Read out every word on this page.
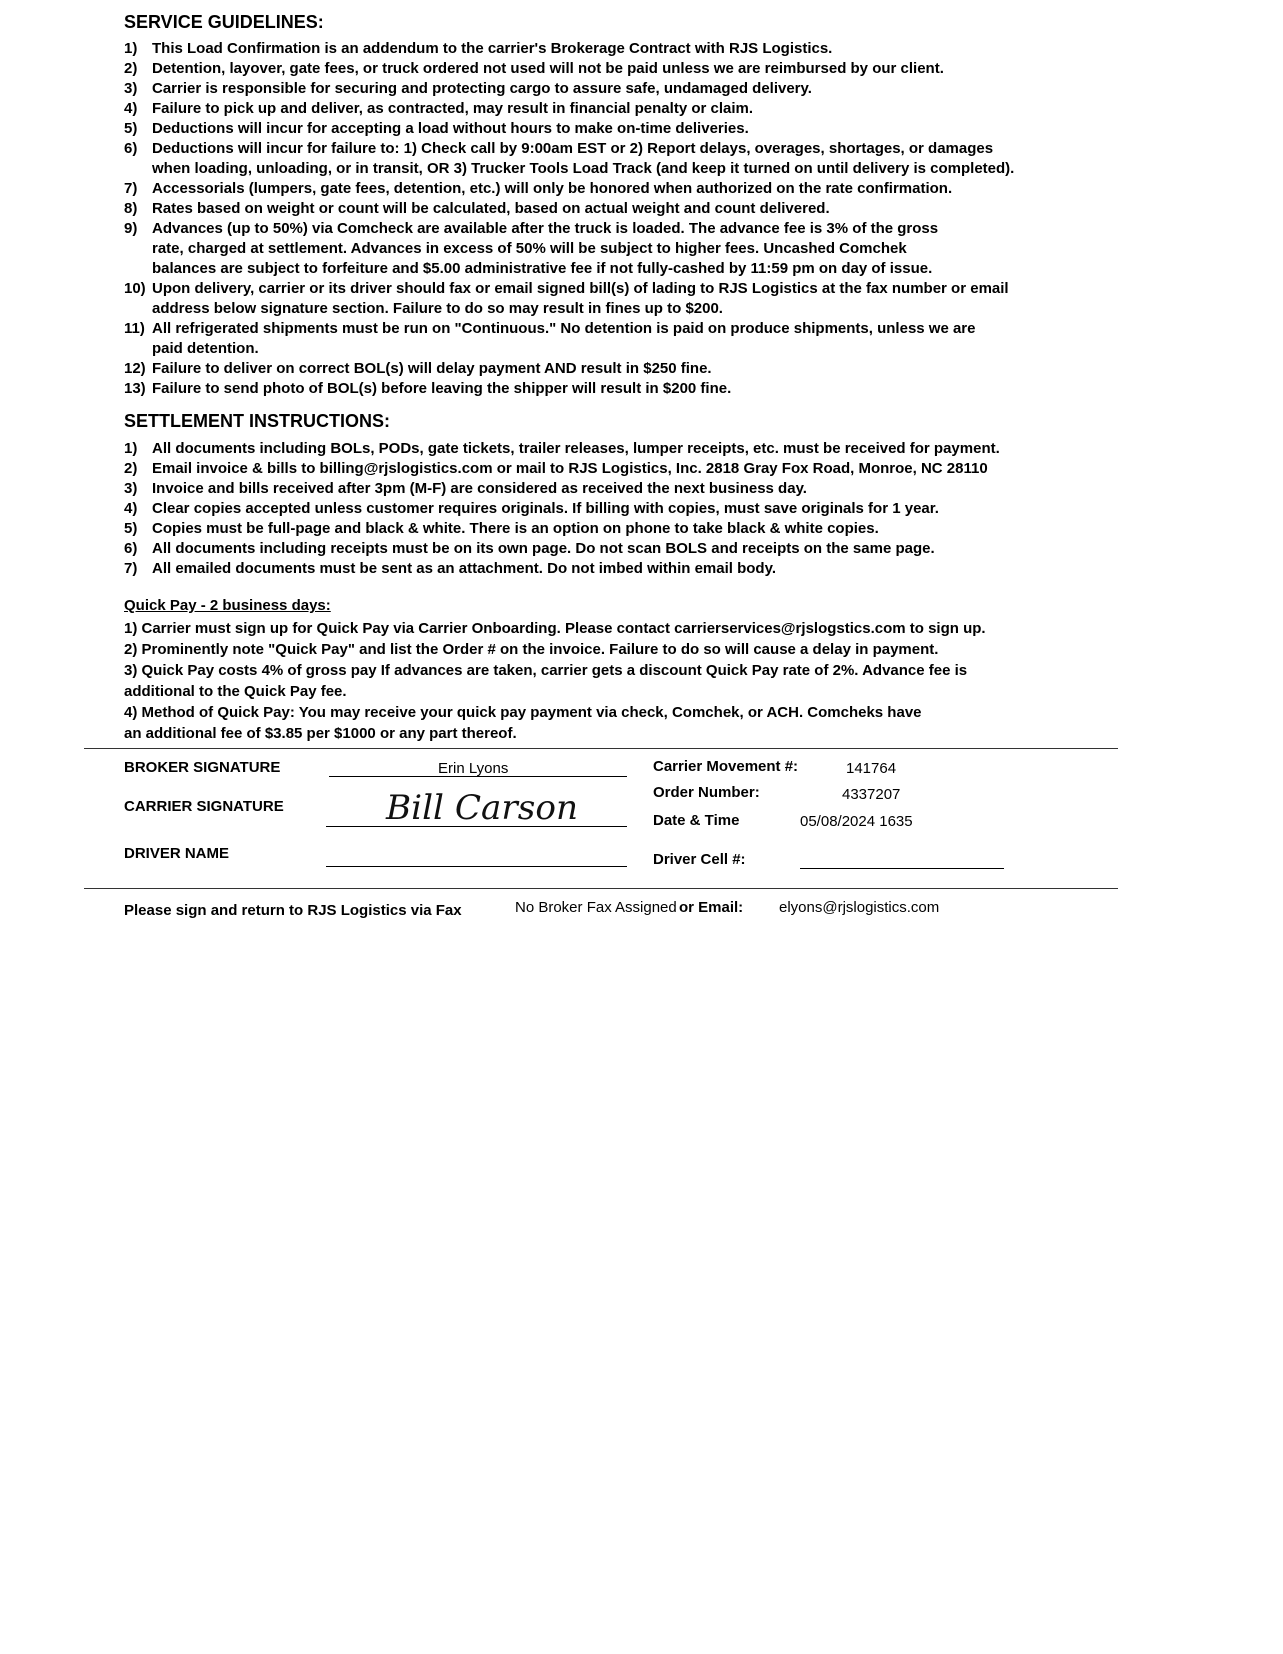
SERVICE GUIDELINES:
1) This Load Confirmation is an addendum to the carrier's Brokerage Contract with RJS Logistics.
2) Detention, layover, gate fees, or truck ordered not used will not be paid unless we are reimbursed by our client.
3) Carrier is responsible for securing and protecting cargo to assure safe, undamaged delivery.
4) Failure to pick up and deliver, as contracted, may result in financial penalty or claim.
5) Deductions will incur for accepting a load without hours to make on-time deliveries.
6) Deductions will incur for failure to: 1) Check call by 9:00am EST or 2) Report delays, overages, shortages, or damages
when loading, unloading, or in transit, OR 3) Trucker Tools Load Track (and keep it turned on until delivery is completed).
7) Accessorials (lumpers, gate fees, detention, etc.) will only be honored when authorized on the rate confirmation.
8) Rates based on weight or count will be calculated, based on actual weight and count delivered.
9) Advances (up to 50%) via Comcheck are available after the truck is loaded. The advance fee is 3% of the gross
rate, charged at settlement. Advances in excess of 50% will be subject to higher fees. Uncashed Comchek
balances are subject to forfeiture and $5.00 administrative fee if not fully-cashed by 11:59 pm on day of issue.
10) Upon delivery, carrier or its driver should fax or email signed bill(s) of lading to RJS Logistics at the fax number or email
address below signature section. Failure to do so may result in fines up to $200.
11) All refrigerated shipments must be run on "Continuous." No detention is paid on produce shipments, unless we are
paid detention.
12) Failure to deliver on correct BOL(s) will delay payment AND result in $250 fine.
13) Failure to send photo of BOL(s) before leaving the shipper will result in $200 fine.
SETTLEMENT INSTRUCTIONS:
1) All documents including BOLs, PODs, gate tickets, trailer releases, lumper receipts, etc. must be received for payment.
2) Email invoice & bills to billing@rjslogistics.com or mail to RJS Logistics, Inc. 2818 Gray Fox Road, Monroe, NC 28110
3) Invoice and bills received after 3pm (M-F) are considered as received the next business day.
4) Clear copies accepted unless customer requires originals. If billing with copies, must save originals for 1 year.
5) Copies must be full-page and black & white. There is an option on phone to take black & white copies.
6) All documents including receipts must be on its own page. Do not scan BOLS and receipts on the same page.
7) All emailed documents must be sent as an attachment. Do not imbed within email body.
Quick Pay - 2 business days:
1) Carrier must sign up for Quick Pay via Carrier Onboarding. Please contact carrierservices@rjslogstics.com to sign up.
2) Prominently note "Quick Pay" and list the Order # on the invoice. Failure to do so will cause a delay in payment.
3) Quick Pay costs 4% of gross pay If advances are taken, carrier gets a discount Quick Pay rate of 2%. Advance fee is
additional to the Quick Pay fee.
4) Method of Quick Pay: You may receive your quick pay payment via check, Comchek, or ACH. Comcheks have
an additional fee of $3.85 per $1000 or any part thereof.
BROKER SIGNATURE	Erin Lyons
CARRIER SIGNATURE	Bill Carson
DRIVER NAME
Carrier Movement #:	141764
Order Number:	4337207
Date & Time	05/08/2024 1635
Driver Cell #:
Please sign and return to RJS Logistics via Fax	No Broker Fax Assigned or Email: elyons@rjslogistics.com
